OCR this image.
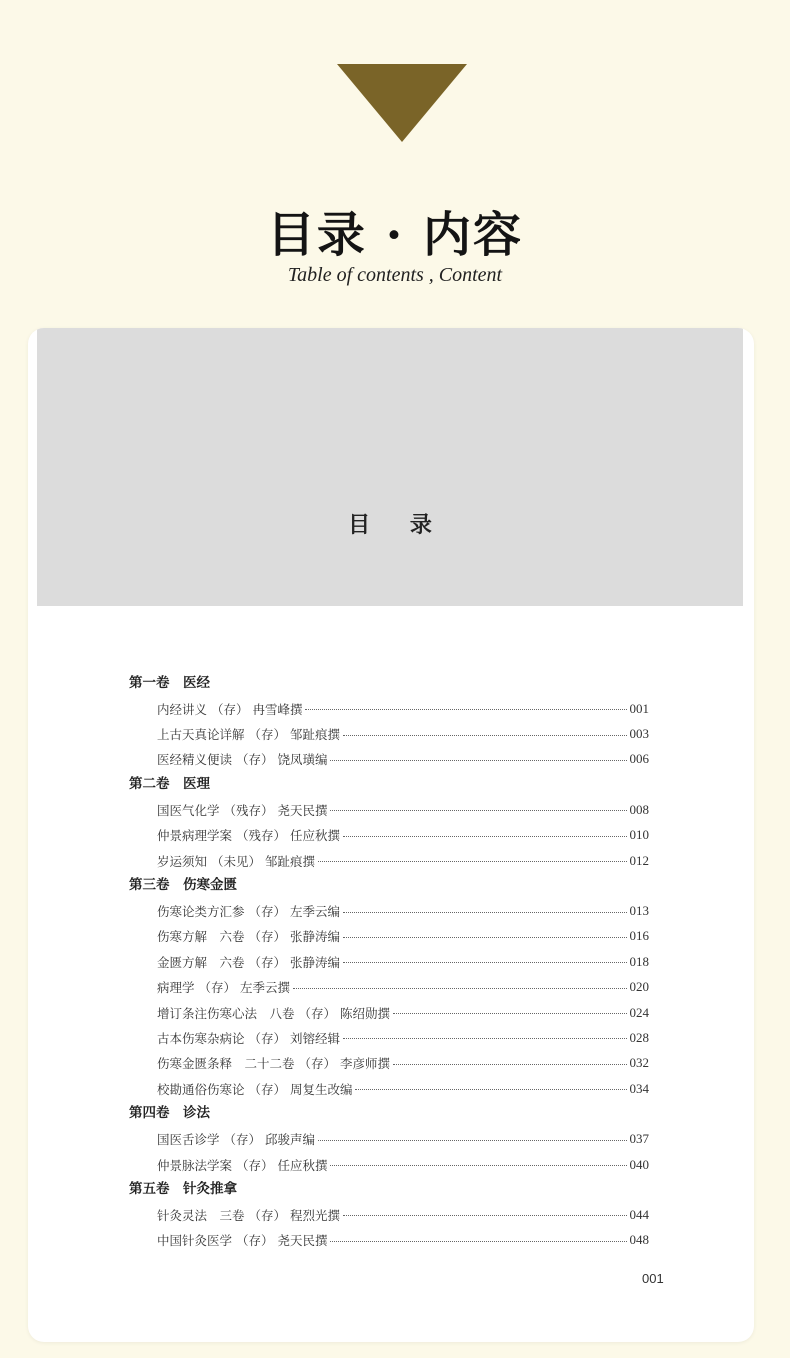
目录 · 内容
Table of contents , Content
目 录
第一卷　医经
内经讲义 （存） 冉雪峰撰	001
上古天真论详解 （存） 邹趾痕撰	003
医经精义便读 （存） 饶凤璜编	006
第二卷　医理
国医气化学 （残存） 尧天民撰	008
仲景病理学案 （残存） 任应秋撰	010
岁运须知 （未见） 邹趾痕撰	012
第三卷　伤寒金匮
伤寒论类方汇参 （存） 左季云编	013
伤寒方解　六卷 （存） 张静涛编	016
金匮方解　六卷 （存） 张静涛编	018
病理学 （存） 左季云撰	020
增订条注伤寒心法　八卷 （存） 陈绍勋撰	024
古本伤寒杂病论 （存） 刘镕经辑	028
伤寒金匮条释　二十二卷 （存） 李彦师撰	032
校勘通俗伤寒论 （存） 周复生改编	034
第四卷　诊法
国医舌诊学 （存） 邱骏声编	037
仲景脉法学案 （存） 任应秋撰	040
第五卷　针灸推拿
针灸灵法　三卷 （存） 程烈光撰	044
中国针灸医学 （存） 尧天民撰	048
001
